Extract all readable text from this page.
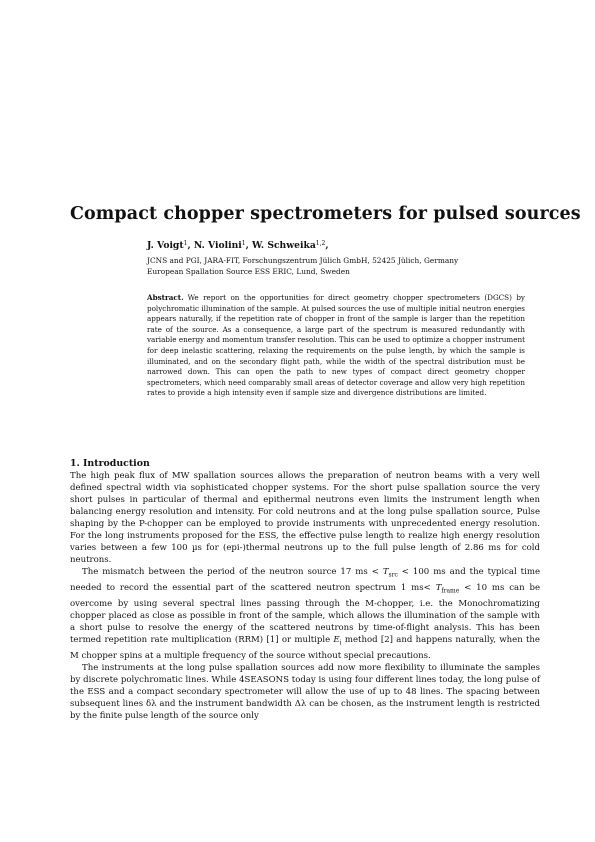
Compact chopper spectrometers for pulsed sources
J. Voigt$^1$, N. Violini$^1$, W. Schweika$^{1,2}$,
JCNS and PGI, JARA-FIT, Forschungszentrum Jülich GmbH, 52425 Jülich, Germany
European Spallation Source ESS ERIC, Lund, Sweden
Abstract. We report on the opportunities for direct geometry chopper spectrometers (DGCS) by polychromatic illumination of the sample. At pulsed sources the use of multiple initial neutron energies appears naturally, if the repetition rate of chopper in front of the sample is larger than the repetition rate of the source. As a consequence, a large part of the spectrum is measured redundantly with variable energy and momentum transfer resolution. This can be used to optimize a chopper instrument for deep inelastic scattering, relaxing the requirements on the pulse length, by which the sample is illuminated, and on the secondary flight path, while the width of the spectral distribution must be narrowed down. This can open the path to new types of compact direct geometry chopper spectrometers, which need comparably small areas of detector coverage and allow very high repetition rates to provide a high intensity even if sample size and divergence distributions are limited.
1. Introduction

The high peak flux of MW spallation sources allows the preparation of neutron beams with a very well defined spectral width via sophisticated chopper systems. For the short pulse spallation source the very short pulses in particular of thermal and epithermal neutrons even limits the instrument length when balancing energy resolution and intensity. For cold neutrons and at the long pulse spallation source, Pulse shaping by the P-chopper can be employed to provide instruments with unprecedented energy resolution. For the long instruments proposed for the ESS, the effective pulse length to realize high energy resolution varies between a few 100 µs for (epi-)thermal neutrons up to the full pulse length of 2.86 ms for cold neutrons.

The mismatch between the period of the neutron source 17 ms < $T_{src} < 100$ ms and the typical time needed to record the essential part of the scattered neutron spectrum 1 $ms< T_{frame} < 10$ ms can be overcome by using several spectral lines passing through the M-chopper, i.e. the Monochromatizing chopper placed as close as possible in front of the sample, which allows the illumination of the sample with a short pulse to resolve the energy of the scattered neutrons by time-of-flight analysis. This has been termed repetition rate multiplication (RRM) [1] or multiple $E_i$ method [2] and happens naturally, when the M chopper spins at a multiple frequency of the source without special precautions.

The instruments at the long pulse spallation sources add now more flexibility to illuminate the samples by discrete polychromatic lines. While 4SEASONS today is using four different lines today, the long pulse of the ESS and a compact secondary spectrometer will allow the use of up to 48 lines. The spacing between subsequent lines δλ and the instrument bandwidth Δλ can be chosen, as the instrument length is restricted by the finite pulse length of the source only
